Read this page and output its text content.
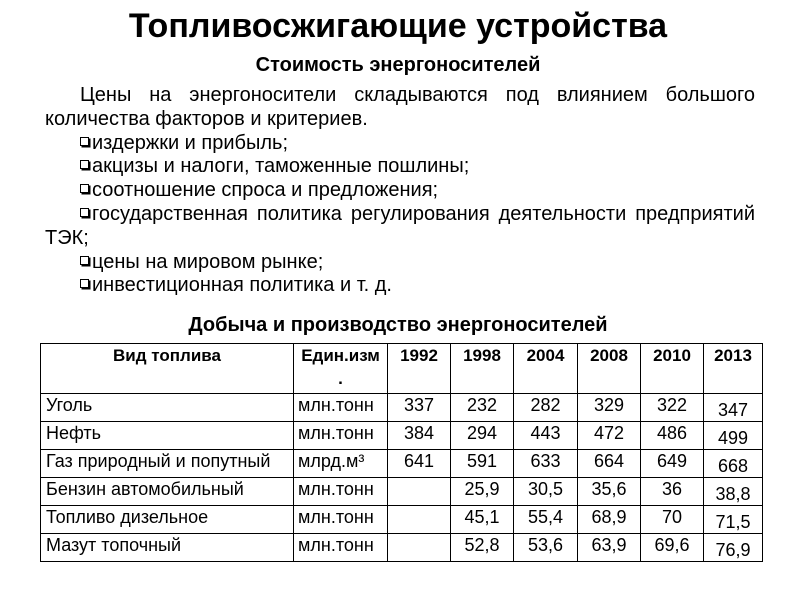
Топливосжигающие устройства
Стоимость энергоносителей

Цены на энергоносители складываются под влиянием большого количества факторов и критериев.

издержки и прибыль;
акцизы и налоги, таможенные пошлины;
соотношение спроса и предложения;
государственная политика регулирования деятельности предприятий ТЭК;
цены на мировом рынке;
инвестиционная политика и т. д.
Добыча и производство энергоносителей
Вид топлива	Един.изм.	1992	1998	2004	2008	2010	2013
Уголь	млн.тонн	337	232	282	329	322	347
Нефть	млн.тонн	384	294	443	472	486	499
Газ природный и попутный	млрд.м³	641	591	633	664	649	668
Бензин автомобильный	млн.тонн		25,9	30,5	35,6	36	38,8
Топливо дизельное	млн.тонн		45,1	55,4	68,9	70	71,5
Мазут топочный	млн.тонн		52,8	53,6	63,9	69,6	76,9
